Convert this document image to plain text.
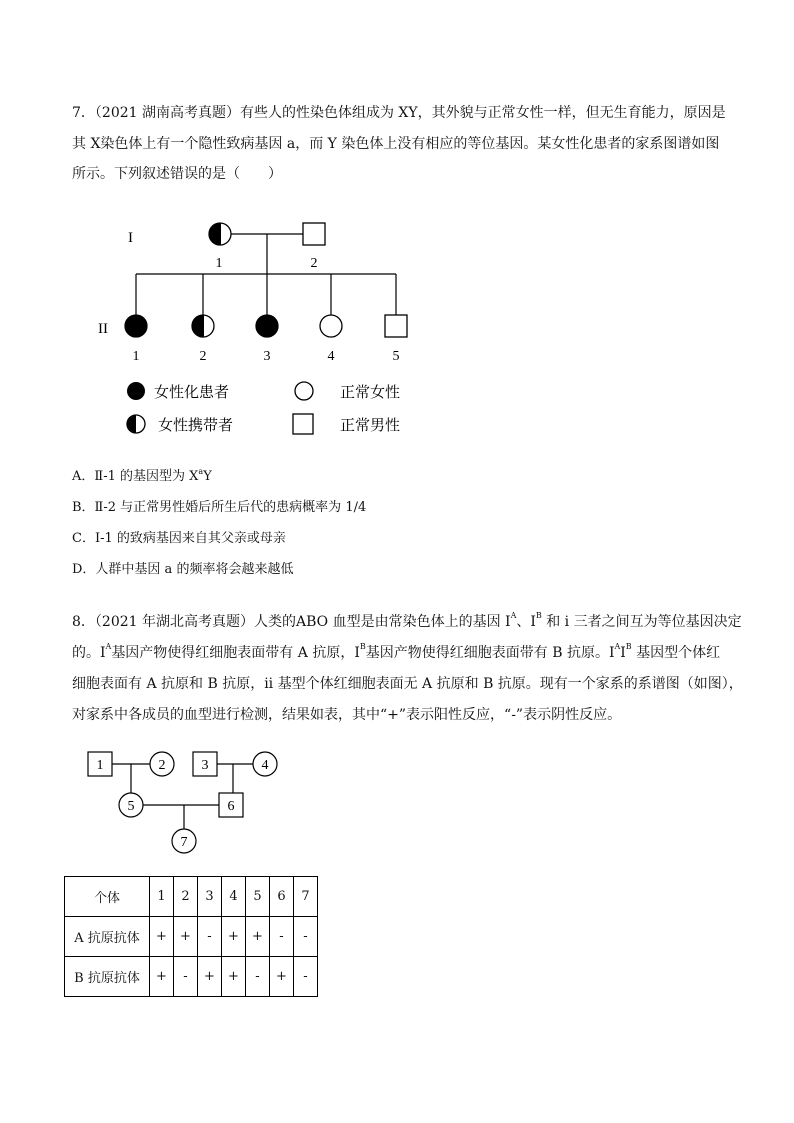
7．（2021 湖南高考真题）有些人的性染色体组成为 XY，其外貌与正常女性一样，但无生育能力，原因是
其 X染色体上有一个隐性致病基因 a，而 Y 染色体上没有相应的等位基因。某女性化患者的家系图谱如图
所示。下列叙述错误的是（　　）
I
II
1	2
1	2	3	4	5
女性化患者	正常女性
女性携带者	正常男性
1	2	3	4
5	6
7
A．Ⅱ-1 的基因型为 $X^aY$
B．Ⅱ-2 与正常男性婚后所生后代的患病概率为 1/4
C．I-1 的致病基因来自其父亲或母亲
D．人群中基因 a 的频率将会越来越低
8．（2021 年湖北高考真题）人类的ABO 血型是由常染色体上的基因 $I^A$、$I^B$ 和 i 三者之间互为等位基因决定
的。$I^A$基因产物使得红细胞表面带有 A 抗原，$I^B$基因产物使得红细胞表面带有 B 抗原。$I^AI^B$ 基因型个体红
细胞表面有 A 抗原和 B 抗原，ii 基型个体红细胞表面无 A 抗原和 B 抗原。现有一个家系的系谱图（如图），
对家系中各成员的血型进行检测，结果如表，其中“+”表示阳性反应，“-”表示阴性反应。
个体	1	2	3	4	5	6	7
A 抗原抗体	+	+	-	+	+	-	-
B 抗原抗体	+	-	+	+	-	+	-
